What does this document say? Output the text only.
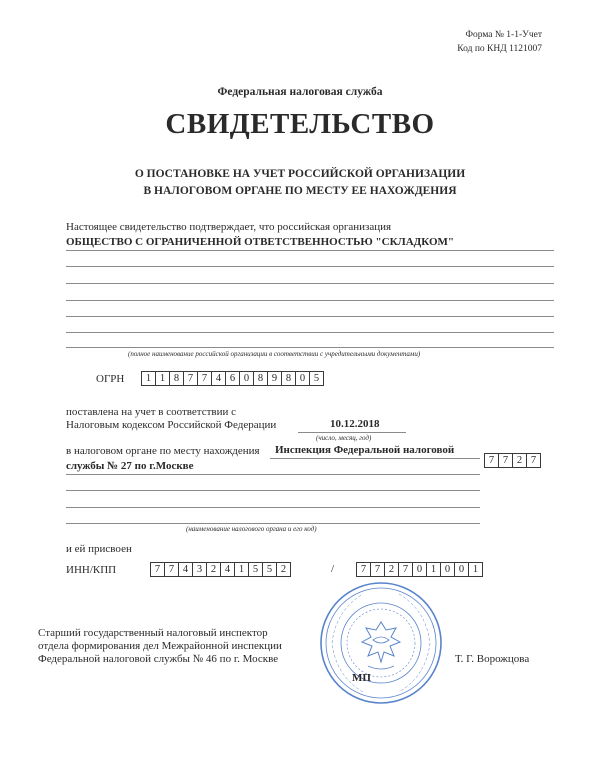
Форма № 1-1-Учет
Код по КНД 1121007
Федеральная налоговая служба
СВИДЕТЕЛЬСТВО
О ПОСТАНОВКЕ НА УЧЕТ РОССИЙСКОЙ ОРГАНИЗАЦИИ
В НАЛОГОВОМ ОРГАНЕ ПО МЕСТУ ЕЕ НАХОЖДЕНИЯ
Настоящее свидетельство подтверждает, что российская организация
ОБЩЕСТВО С ОГРАНИЧЕННОЙ ОТВЕТСТВЕННОСТЬЮ "СКЛАДКОМ"
(полное наименование российской организации в соответствии с учредительными документами)
ОГРН	1 1 8 7 7 4 6 0 8 9 8 0 5
поставлена на учет в соответствии с
Налоговым кодексом Российской Федерации	10.12.2018
(число, месяц, год)
в налоговом органе по месту нахождения Инспекция Федеральной налоговой
службы № 27 по г.Москве	7 7 2 7
(наименование налогового органа и его код)
и ей присвоен
ИНН/КПП	7 7 4 3 2 4 1 5 5 2	/	7 7 2 7 0 1 0 0 1
Старший государственный налоговый инспектор
отдела формирования дел Межрайонной инспекции
Федеральной налоговой службы № 46 по г. Москве
МП
Т. Г. Ворожцова
